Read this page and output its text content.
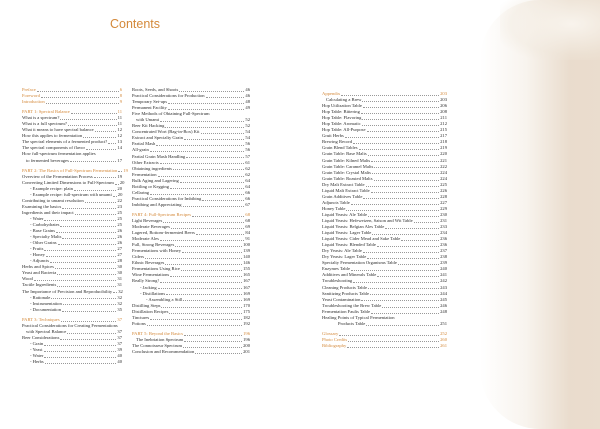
Contents
Preface	6
Foreword	8
Introduction	9
PART 1: Spectral Balance	11
What is a spectrum?	11
What is a full spectrum?	11
What it means to have spectral balance	12
How this applies to fermentation	12
The spectral elements of a fermented product? 13
The spectral components of flavor	14
How full-spectrum fermentation applies
to fermented beverages	17
PART 2: The Basics of Full-Spectrum Fermentation 19
Overview of the Fermentation Process	19
Converting Limited Dimensions to Full-Spectrum 20
- Example recipe: plain	20
- Example recipe: full-spectrum with umami 20
Contributing to umami resolution	22
Examining the basics	23
Ingredients and their impact	25
- Water	25
- Carbohydrates	25
- Base Grains	26
- Specialty Malts	26
- Other Grains	26
- Fruits	27
- Honey	27
- Adjuncts	28
Herbs and Spices	30
Yeast and Bacteria	30
Wood	31
Tactile Ingredients	31
The Importance of Precision and Reproducibility 32
- Rationale	32
- Instrumentation	32
- Documentation	35
PART 3: Techniques	37
Practical Considerations for Creating Fermentations
with Spectral Balance	37
Beer Considerations	37
- Grain	37
- Yeast	39
- Water	40
- Herbs	40
Roots, Seeds, and Shoots	46
Practical Considerations for Production	46
Temporary Set-ups	48
Permanent Facility	49
Five Methods of Obtaining Full-Spectrum
with Umami	52
Beer Kit Hacking	52
Concentrated Wort (Bag-in-Box) Kit	54
Extract and Specialty Grain	54
Partial Mash	56
All-grain	56
Partial Grain Mash Handling	57
Other Extracts	61
Obtaining ingredients	62
Fermentation	62
Bulk Aging and Lagering	64
Bottling or Kegging	64
Cellaring	66
Practical Considerations for Imbibing	66
Imbibing and Appreciating	67
PART 4: Full-Spectrum Recipes	68
Light Beverages	68
Moderate Beverages	69
Lagered, Bottom-fermented Beers	84
Moderate Ales	91
Full, Strong Beverages	100
Fermentations with Honey	139
Ciders	140
Ethnic Beverages	146
Fermentations Using Rice	155
Wine Fermentations	165
Really Strong!	167
- Jacking	167
- Distillations	169
- Assembling a Still	169
Distilling Steps	170
Distillation Recipes	175
Tinctures	182
Potions	192
PART 5: Beyond the Basics	196
The Inebriation Spectrum	196
The Connoisseur Spectrum	200
Conclusion and Recommendation	201
Appendix	203
Calculating a Brew	203
Hop Utilization Table	206
Hop Table: Bittering	208
Hop Table: Flavoring	211
Hop Table: Aromatic	212
Hop Table: All-Purpose	215
Gruit Herbs	217
Brewing Record	218
Grain Blend Tables	219
Grain Table: Base Malts	220
Grain Table: Kilned Malts	221
Grain Table: Caramel Malts	222
Grain Table: Crystal Malts	224
Grain Table: Roasted Malts	224
Dry Malt Extract Table	225
Liquid Malt Extract Table	226
Grain Additives Table	228
Adjuncts Table	227
Honey Table	229
Liquid Yeasts: Ale Table	230
Liquid Yeasts: Hefeweizen, Saison and Wit Table	231
Liquid Yeasts: Belgian Ales Table	233
Liquid Yeasts: Lager Table	234
Liquid Yeasts: Cider Mead and Sake Table	236
Liquid Yeasts: Blended Table	236
Dry Yeasts: Ale Table	237
Dry Yeasts: Lager Table	238
Specialty Fermentation Organisms Table	239
Enzymes Table	240
Additives and Minerals Table	241
Troubleshooting	242
Cleaning Products Table	243
Sanitizing Products Table	244
Yeast Contamination	245
Troubleshooting the Brew Table	246
Fermentation Faults Table	248
Healing Points of Typical Fermentation
Products Table	251
Glossary	252
Photo Credits	260
Bibliography	261
